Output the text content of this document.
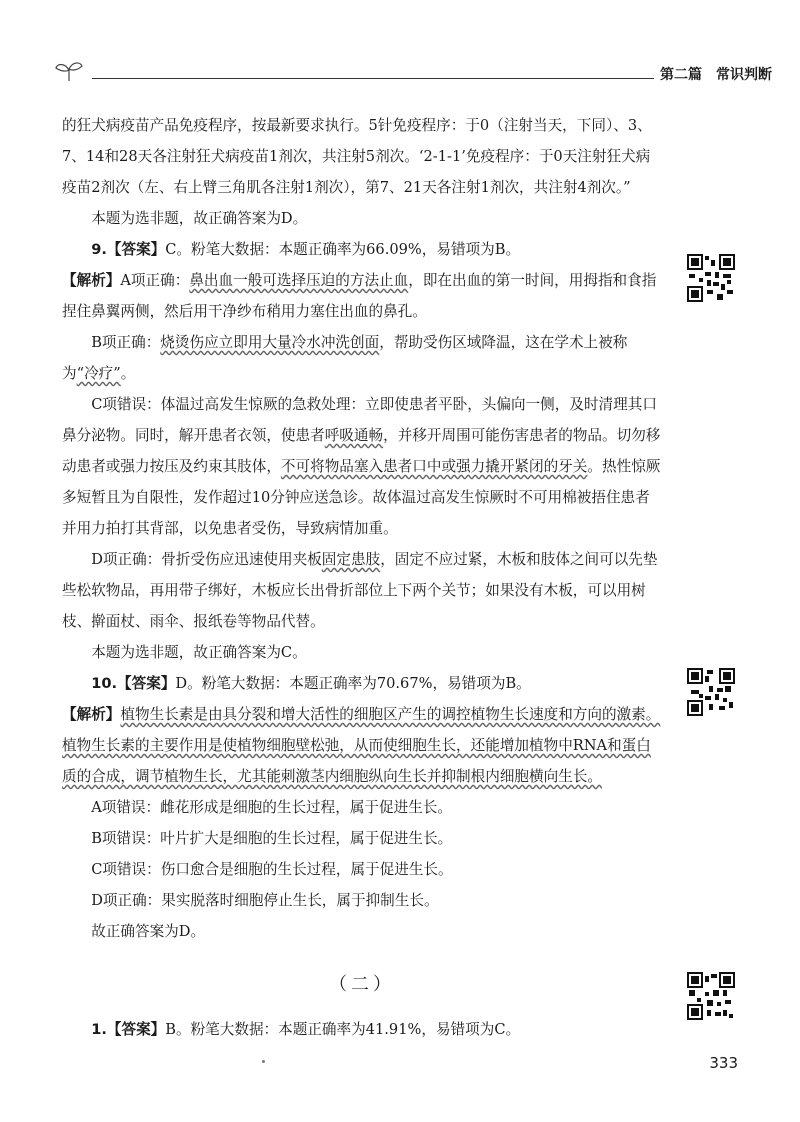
第二篇 常识判断

的狂犬病疫苗产品免疫程序，按最新要求执行。5针免疫程序：于0（注射当天，下同）、3、7、14和28天各注射狂犬病疫苗1剂次，共注射5剂次。‘2-1-1’免疫程序：于0天注射狂犬病疫苗2剂次（左、右上臂三角肌各注射1剂次），第7、21天各注射1剂次，共注射4剂次。”

本题为选非题，故正确答案为D。

9.【答案】C。粉笔大数据：本题正确率为66.09%，易错项为B。

【解析】A项正确：鼻出血一般可选择压迫的方法止血，即在出血的第一时间，用拇指和食指捏住鼻翼两侧，然后用干净纱布稍用力塞住出血的鼻孔。

B项正确：烧烫伤应立即用大量冷水冲洗创面，帮助受伤区域降温，这在学术上被称为“冷疗”。

C项错误：体温过高发生惊厥的急救处理：立即使患者平卧，头偏向一侧，及时清理其口鼻分泌物。同时，解开患者衣领，使患者呼吸通畅，并移开周围可能伤害患者的物品。切勿移动患者或强力按压及约束其肢体，不可将物品塞入患者口中或强力撬开紧闭的牙关。热性惊厥多短暂且为自限性，发作超过10分钟应送急诊。故体温过高发生惊厥时不可用棉被捂住患者并用力拍打其背部，以免患者受伤，导致病情加重。

D项正确：骨折受伤应迅速使用夹板固定患肢，固定不应过紧，木板和肢体之间可以先垫些松软物品，再用带子绑好，木板应长出骨折部位上下两个关节；如果没有木板，可以用树枝、擀面杖、雨伞、报纸卷等物品代替。

本题为选非题，故正确答案为C。

10.【答案】D。粉笔大数据：本题正确率为70.67%，易错项为B。

【解析】植物生长素是由具分裂和增大活性的细胞区产生的调控植物生长速度和方向的激素。植物生长素的主要作用是使植物细胞壁松弛，从而使细胞生长，还能增加植物中RNA和蛋白质的合成，调节植物生长，尤其能刺激茎内细胞纵向生长并抑制根内细胞横向生长。

A项错误：雌花形成是细胞的生长过程，属于促进生长。

B项错误：叶片扩大是细胞的生长过程，属于促进生长。

C项错误：伤口愈合是细胞的生长过程，属于促进生长。

D项正确：果实脱落时细胞停止生长，属于抑制生长。

故正确答案为D。

（二）

1.【答案】B。粉笔大数据：本题正确率为41.91%，易错项为C。

333
